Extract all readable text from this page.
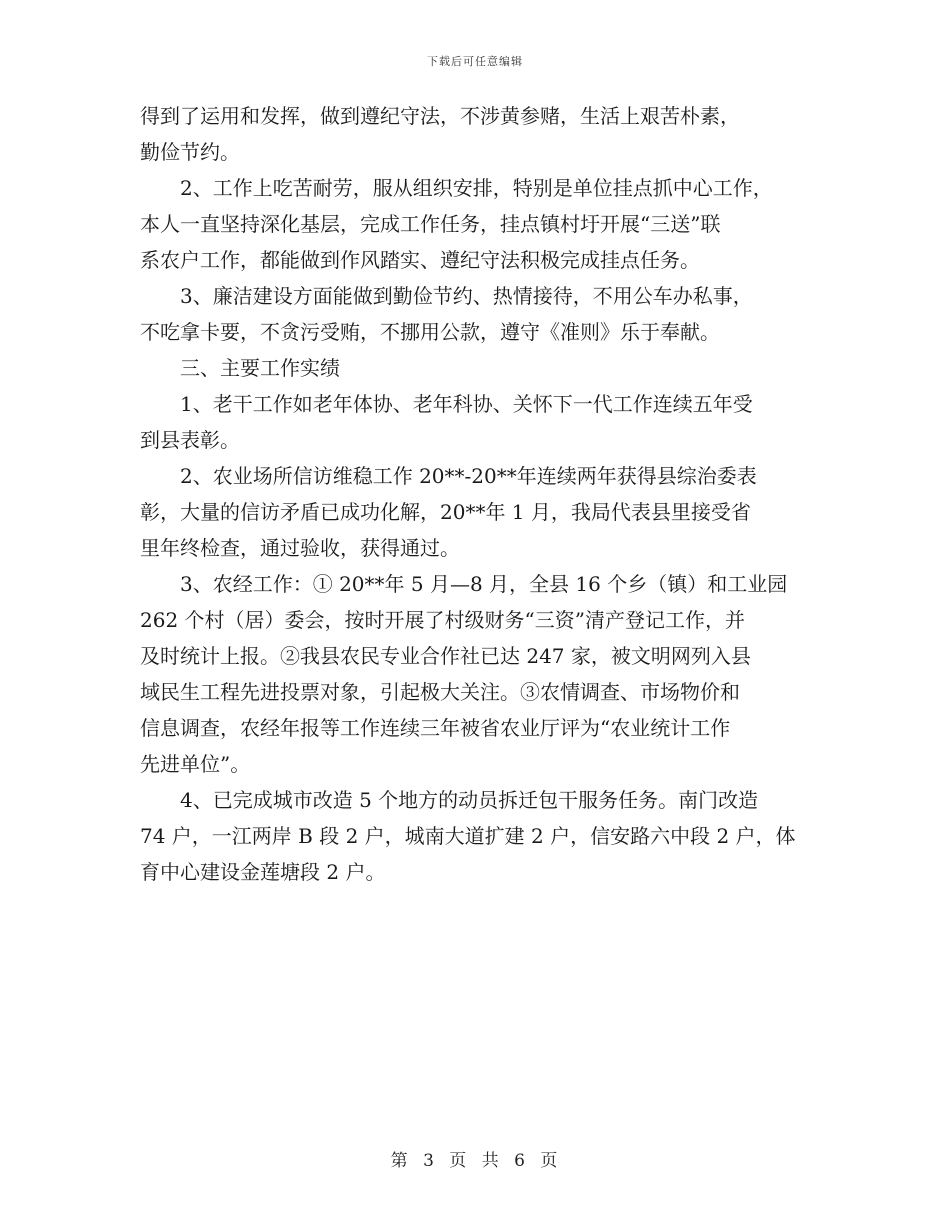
下载后可任意编辑
得到了运用和发挥，做到遵纪守法，不涉黄参赌，生活上艰苦朴素，
勤俭节约。
2、工作上吃苦耐劳，服从组织安排，特别是单位挂点抓中心工作，
本人一直坚持深化基层，完成工作任务，挂点镇村圩开展“三送”联
系农户工作，都能做到作风踏实、遵纪守法积极完成挂点任务。
3、廉洁建设方面能做到勤俭节约、热情接待，不用公车办私事，
不吃拿卡要，不贪污受贿，不挪用公款，遵守《准则》乐于奉献。
三、主要工作实绩
1、老干工作如老年体协、老年科协、关怀下一代工作连续五年受
到县表彰。
2、农业场所信访维稳工作 20**-20**年连续两年获得县综治委表
彰，大量的信访矛盾已成功化解，20**年 1 月，我局代表县里接受省
里年终检查，通过验收，获得通过。
3、农经工作：① 20**年 5 月—8 月，全县 16 个乡（镇）和工业园
262 个村（居）委会，按时开展了村级财务“三资”清产登记工作，并
及时统计上报。②我县农民专业合作社已达 247 家，被文明网列入县
域民生工程先进投票对象，引起极大关注。③农情调查、市场物价和
信息调查，农经年报等工作连续三年被省农业厅评为“农业统计工作
先进单位”。
4、已完成城市改造 5 个地方的动员拆迁包干服务任务。南门改造
74 户，一江两岸 B 段 2 户，城南大道扩建 2 户，信安路六中段 2 户，体
育中心建设金莲塘段 2 户。
第 3 页 共 6 页
